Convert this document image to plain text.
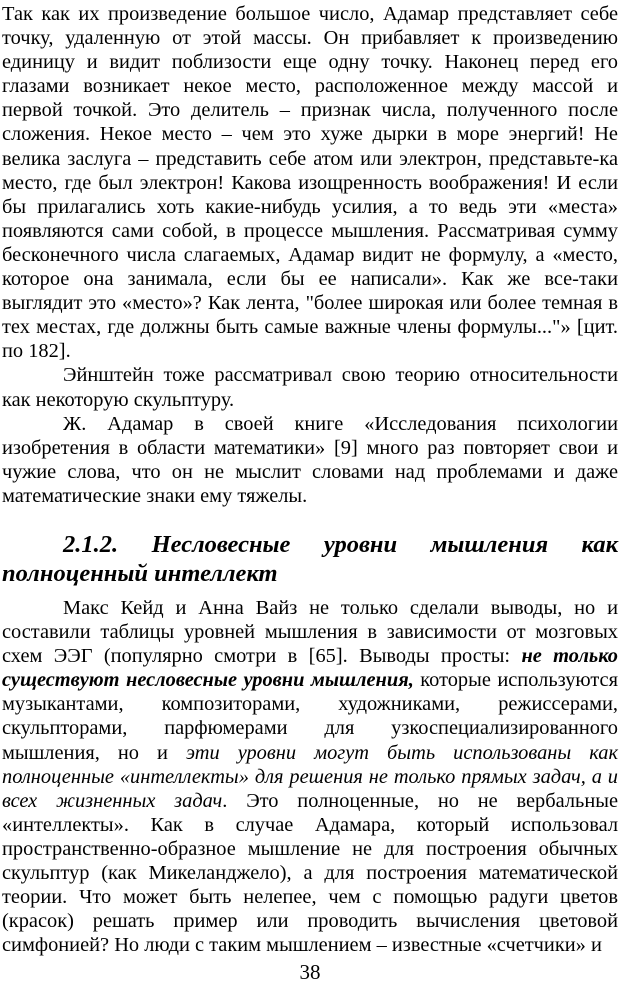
Так как их произведение большое число, Адамар представляет себе точку, удаленную от этой массы. Он прибавляет к произведению единицу и видит поблизости еще одну точку. Наконец перед его глазами возникает некое место, расположенное между массой и первой точкой. Это делитель – признак числа, полученного после сложения. Некое место – чем это хуже дырки в море энергий! Не велика заслуга – представить себе атом или электрон, представьте-ка место, где был электрон! Какова изощренность воображения! И если бы прилагались хоть какие-нибудь усилия, а то ведь эти «места» появляются сами собой, в процессе мышления. Рассматривая сумму бесконечного числа слагаемых, Адамар видит не формулу, а «место, которое она занимала, если бы ее написали». Как же все-таки выглядит это «место»? Как лента, "более широкая или более темная в тех местах, где должны быть самые важные члены формулы..."» [цит. по 182].

Эйнштейн тоже рассматривал свою теорию относительности как некоторую скульптуру.

Ж. Адамар в своей книге «Исследования психологии изобретения в области математики» [9] много раз повторяет свои и чужие слова, что он не мыслит словами над проблемами и даже математические знаки ему тяжелы.

2.1.2. Несловесные уровни мышления как полноценный интеллект

Макс Кейд и Анна Вайз не только сделали выводы, но и составили таблицы уровней мышления в зависимости от мозговых схем ЭЭГ (популярно смотри в [65]. Выводы просты: не только существуют несловесные уровни мышления, которые используются музыкантами, композиторами, художниками, режиссерами, скульпторами, парфюмерами для узкоспециализированного мышления, но и эти уровни могут быть использованы как полноценные «интеллекты» для решения не только прямых задач, а и всех жизненных задач. Это полноценные, но не вербальные «интеллекты». Как в случае Адамара, который использовал пространственно-образное мышление не для построения обычных скульптур (как Микеланджело), а для построения математической теории. Что может быть нелепее, чем с помощью радуги цветов (красок) решать пример или проводить вычисления цветовой симфонией? Но люди с таким мышлением – известные «счетчики» и

38
